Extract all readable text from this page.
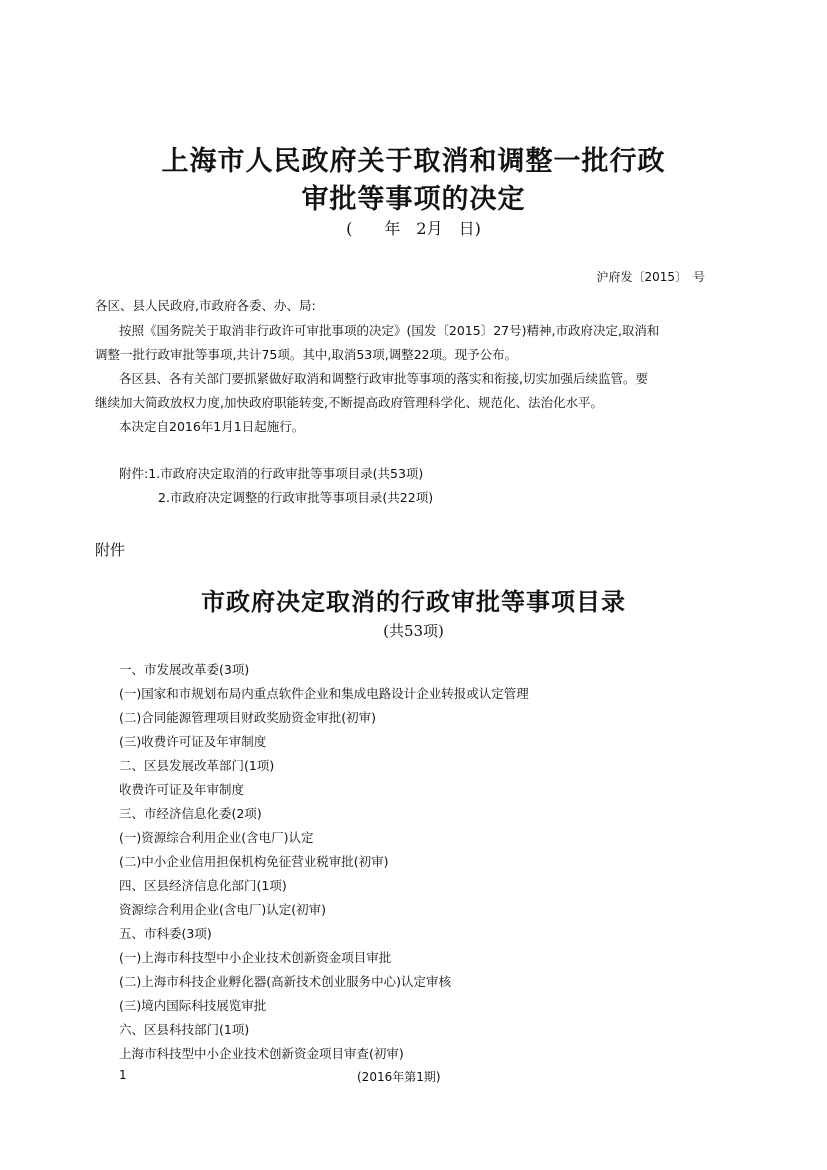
上海市人民政府关于取消和调整一批行政
审批等事项的决定
(　　年　2月　日)
沪府发〔2015〕　号
各区、县人民政府,市政府各委、办、局:
按照《国务院关于取消非行政许可审批事项的决定》(国发〔2015〕27号)精神,市政府决定,取消和
调整一批行政审批等事项,共计75项。其中,取消53项,调整22项。现予公布。
各区县、各有关部门要抓紧做好取消和调整行政审批等事项的落实和衔接,切实加强后续监管。要
继续加大简政放权力度,加快政府职能转变,不断提高政府管理科学化、规范化、法治化水平。
本决定自2016年1月1日起施行。
附件:1.市政府决定取消的行政审批等事项目录(共53项)
2.市政府决定调整的行政审批等事项目录(共22项)
附件
市政府决定取消的行政审批等事项目录
(共53项)
一、市发展改革委(3项)
(一)国家和市规划布局内重点软件企业和集成电路设计企业转报或认定管理
(二)合同能源管理项目财政奖励资金审批(初审)
(三)收费许可证及年审制度
二、区县发展改革部门(1项)
收费许可证及年审制度
三、市经济信息化委(2项)
(一)资源综合利用企业(含电厂)认定
(二)中小企业信用担保机构免征营业税审批(初审)
四、区县经济信息化部门(1项)
资源综合利用企业(含电厂)认定(初审)
五、市科委(3项)
(一)上海市科技型中小企业技术创新资金项目审批
(二)上海市科技企业孵化器(高新技术创业服务中心)认定审核
(三)境内国际科技展览审批
六、区县科技部门(1项)
上海市科技型中小企业技术创新资金项目审查(初审)
1	(2016年第1期)
